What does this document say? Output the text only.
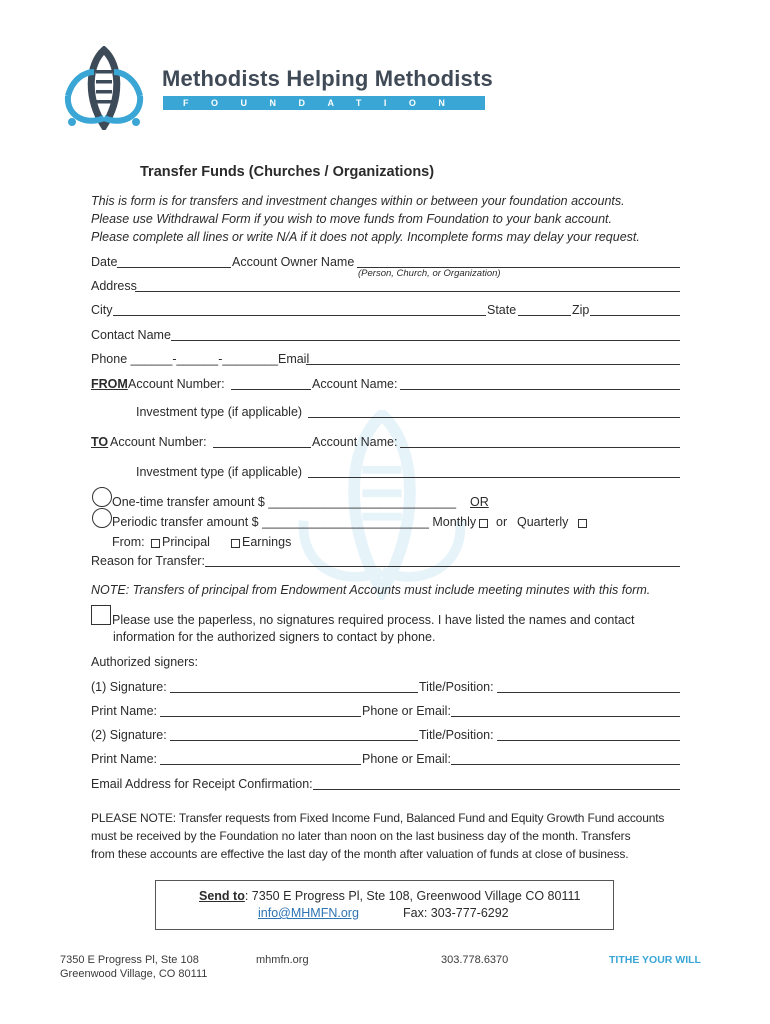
Methodists Helping Methodists
FOUNDATION
Transfer Funds (Churches / Organizations)
This is form is for transfers and investment changes within or between your foundation accounts.
Please use Withdrawal Form if you wish to move funds from Foundation to your bank account.
Please complete all lines or write N/A if it does not apply. Incomplete forms may delay your request.
Date	Account Owner Name
(Person, Church, or Organization)
Address
City	State	Zip
Contact Name
Phone ______-______-________Email
FROM Account Number:	Account Name:
Investment type (if applicable)
TO Account Number:	Account Name:
Investment type (if applicable)
One-time transfer amount $ ___________________________ OR
Periodic transfer amount $ ________________________ Monthly or Quarterly
From: Principal	Earnings
Reason for Transfer:
NOTE: Transfers of principal from Endowment Accounts must include meeting minutes with this form.
Please use the paperless, no signatures required process. I have listed the names and contact
information for the authorized signers to contact by phone.
Authorized signers:
(1) Signature:	Title/Position:
Print Name:	Phone or Email:
(2) Signature:	Title/Position:
Print Name:	Phone or Email:
Email Address for Receipt Confirmation:
PLEASE NOTE: Transfer requests from Fixed Income Fund, Balanced Fund and Equity Growth Fund accounts
must be received by the Foundation no later than noon on the last business day of the month. Transfers
from these accounts are effective the last day of the month after valuation of funds at close of business.
Send to: 7350 E Progress Pl, Ste 108, Greenwood Village CO 80111
info@MHMFN.org	Fax: 303-777-6292
7350 E Progress Pl, Ste 108
Greenwood Village, CO 80111
mhmfn.org	303.778.6370	TITHE YOUR WILL
